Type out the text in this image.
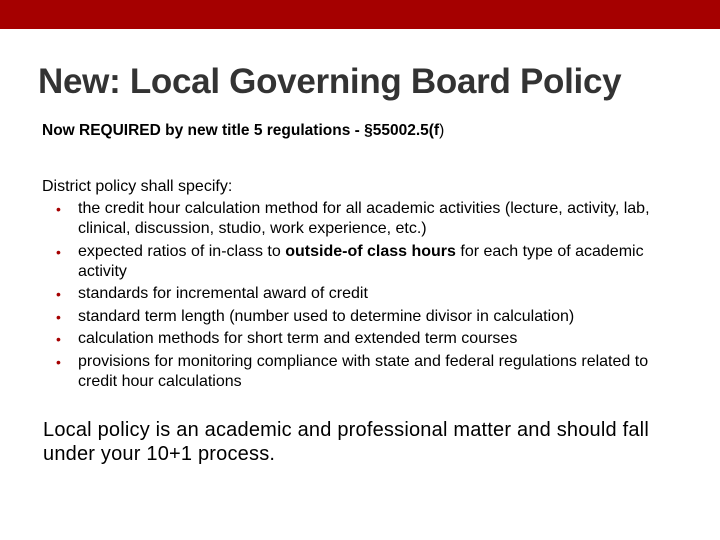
New: Local Governing Board Policy

Now REQUIRED by new title 5 regulations - §55002.5(f)

District policy shall specify:

• the credit hour calculation method for all academic activities (lecture, activity, lab, clinical, discussion, studio, work experience, etc.)
• expected ratios of in-class to outside-of class hours for each type of academic activity
• standards for incremental award of credit
• standard term length (number used to determine divisor in calculation)
• calculation methods for short term and extended term courses
• provisions for monitoring compliance with state and federal regulations related to credit hour calculations

Local policy is an academic and professional matter and should fall under your 10+1 process.
